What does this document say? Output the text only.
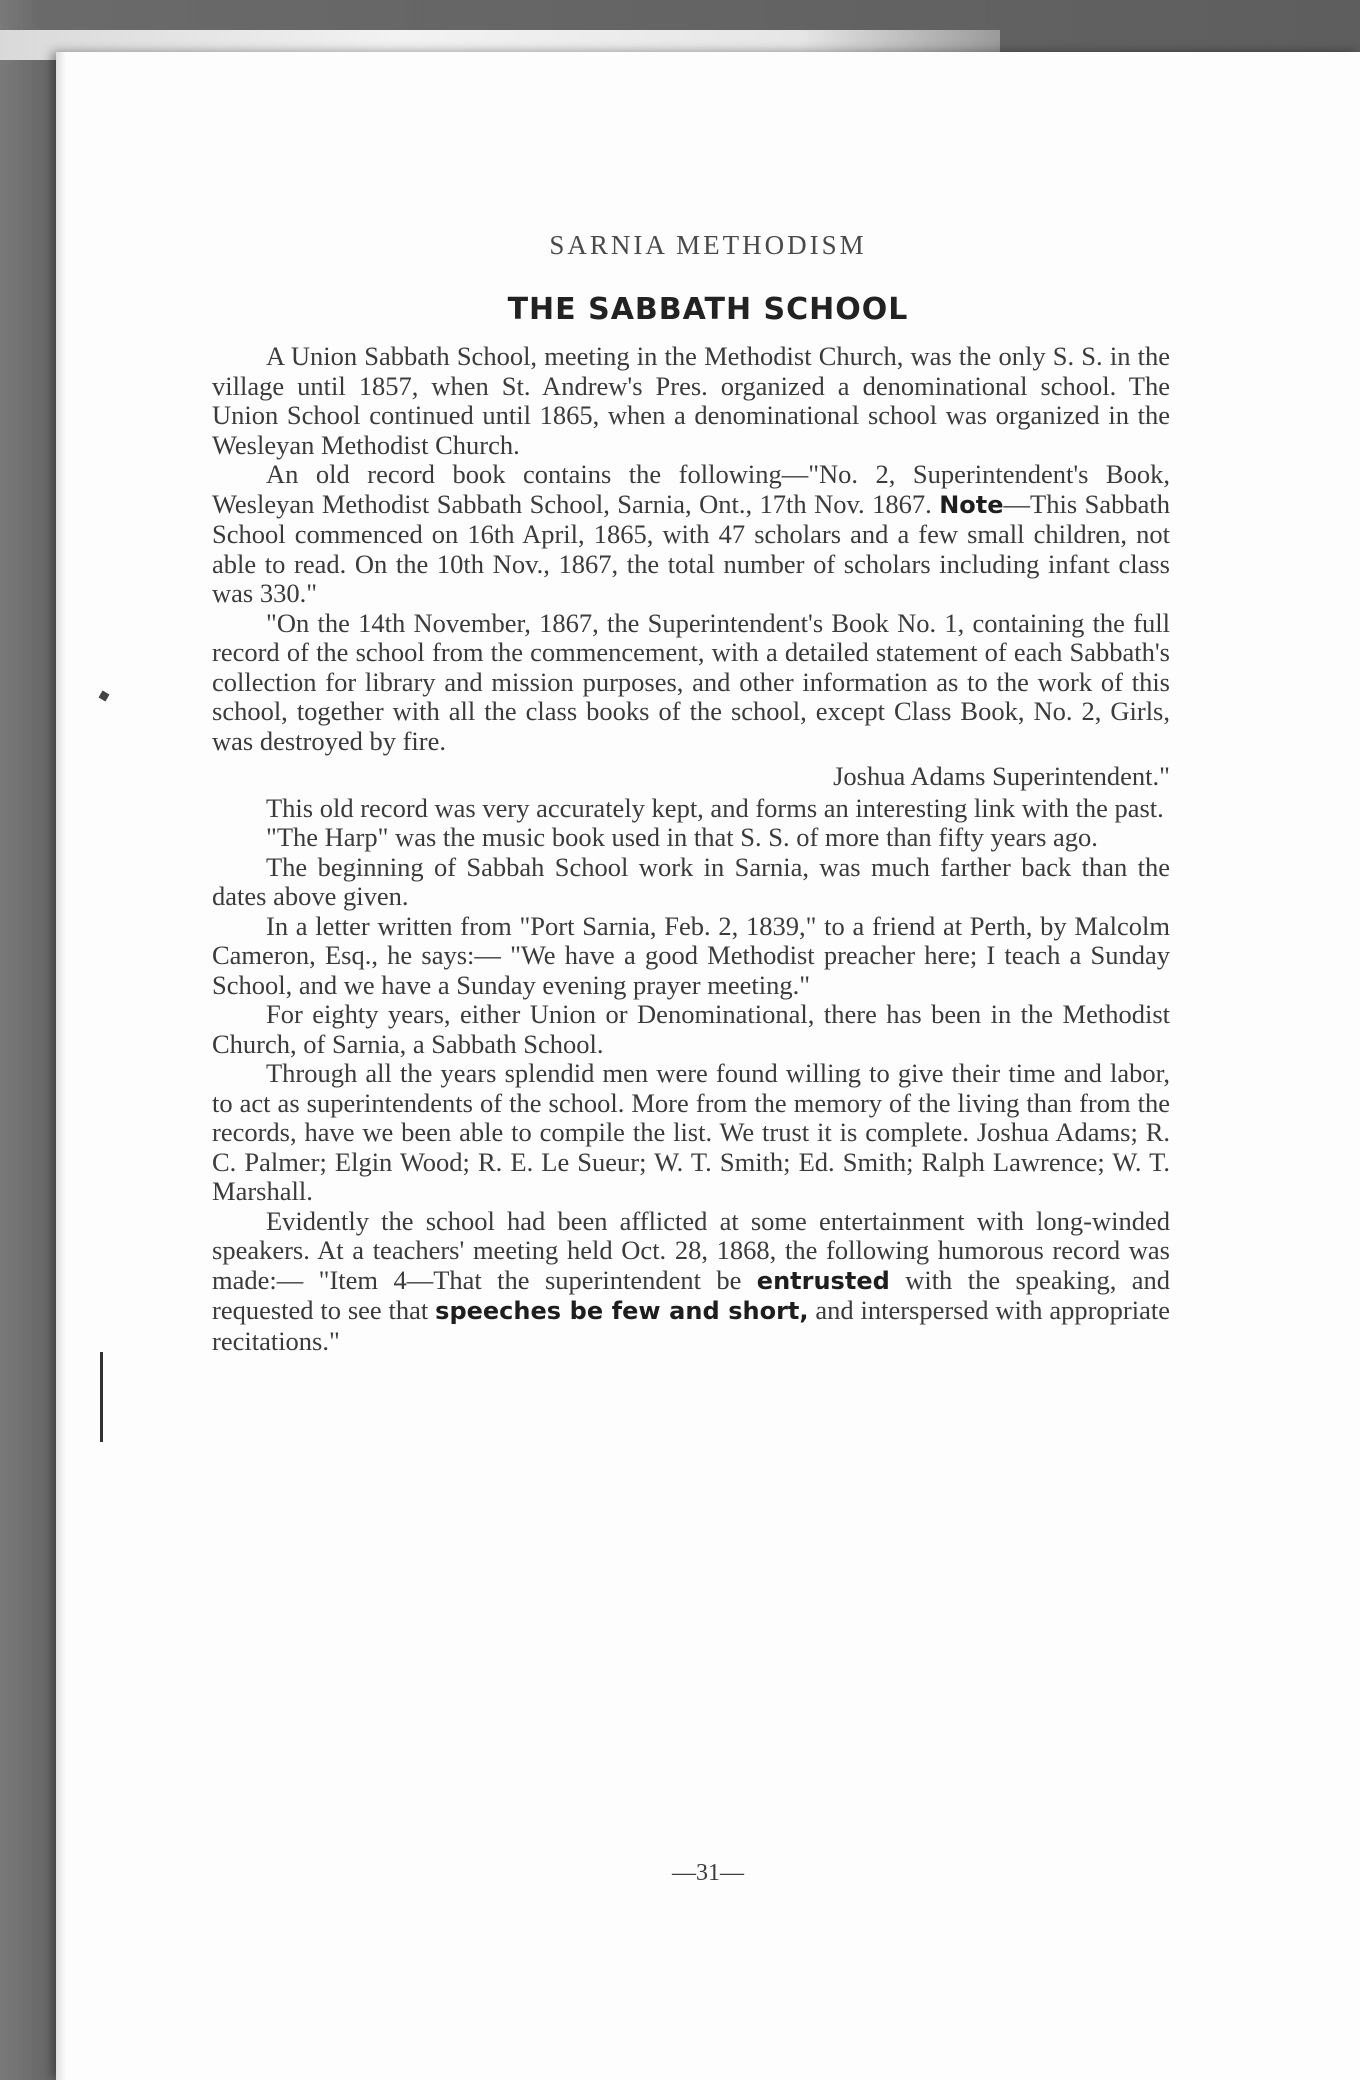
SARNIA METHODISM
THE SABBATH SCHOOL

A Union Sabbath School, meeting in the Methodist Church, was the only S. S. in the village until 1857, when St. Andrew's Pres. organized a denominational school. The Union School continued until 1865, when a denominational school was organized in the Wesleyan Methodist Church.

An old record book contains the following—"No. 2, Superintendent's Book, Wesleyan Methodist Sabbath School, Sarnia, Ont., 17th Nov. 1867. Note—This Sabbath School commenced on 16th April, 1865, with 47 scholars and a few small children, not able to read. On the 10th Nov., 1867, the total number of scholars including infant class was 330."

"On the 14th November, 1867, the Superintendent's Book No. 1, containing the full record of the school from the commencement, with a detailed statement of each Sabbath's collection for library and mission purposes, and other information as to the work of this school, together with all the class books of the school, except Class Book, No. 2, Girls, was destroyed by fire.

Joshua Adams Superintendent."

This old record was very accurately kept, and forms an interesting link with the past.

"The Harp" was the music book used in that S. S. of more than fifty years ago.

The beginning of Sabbah School work in Sarnia, was much farther back than the dates above given.

In a letter written from "Port Sarnia, Feb. 2, 1839," to a friend at Perth, by Malcolm Cameron, Esq., he says:— "We have a good Methodist preacher here; I teach a Sunday School, and we have a Sunday evening prayer meeting."

For eighty years, either Union or Denominational, there has been in the Methodist Church, of Sarnia, a Sabbath School.

Through all the years splendid men were found willing to give their time and labor, to act as superintendents of the school. More from the memory of the living than from the records, have we been able to compile the list. We trust it is complete. Joshua Adams; R. C. Palmer; Elgin Wood; R. E. Le Sueur; W. T. Smith; Ed. Smith; Ralph Lawrence; W. T. Marshall.

Evidently the school had been afflicted at some entertainment with long-winded speakers. At a teachers' meeting held Oct. 28, 1868, the following humorous record was made:— "Item 4—That the superintendent be entrusted with the speaking, and requested to see that speeches be few and short, and interspersed with appropriate recitations."

—31—
